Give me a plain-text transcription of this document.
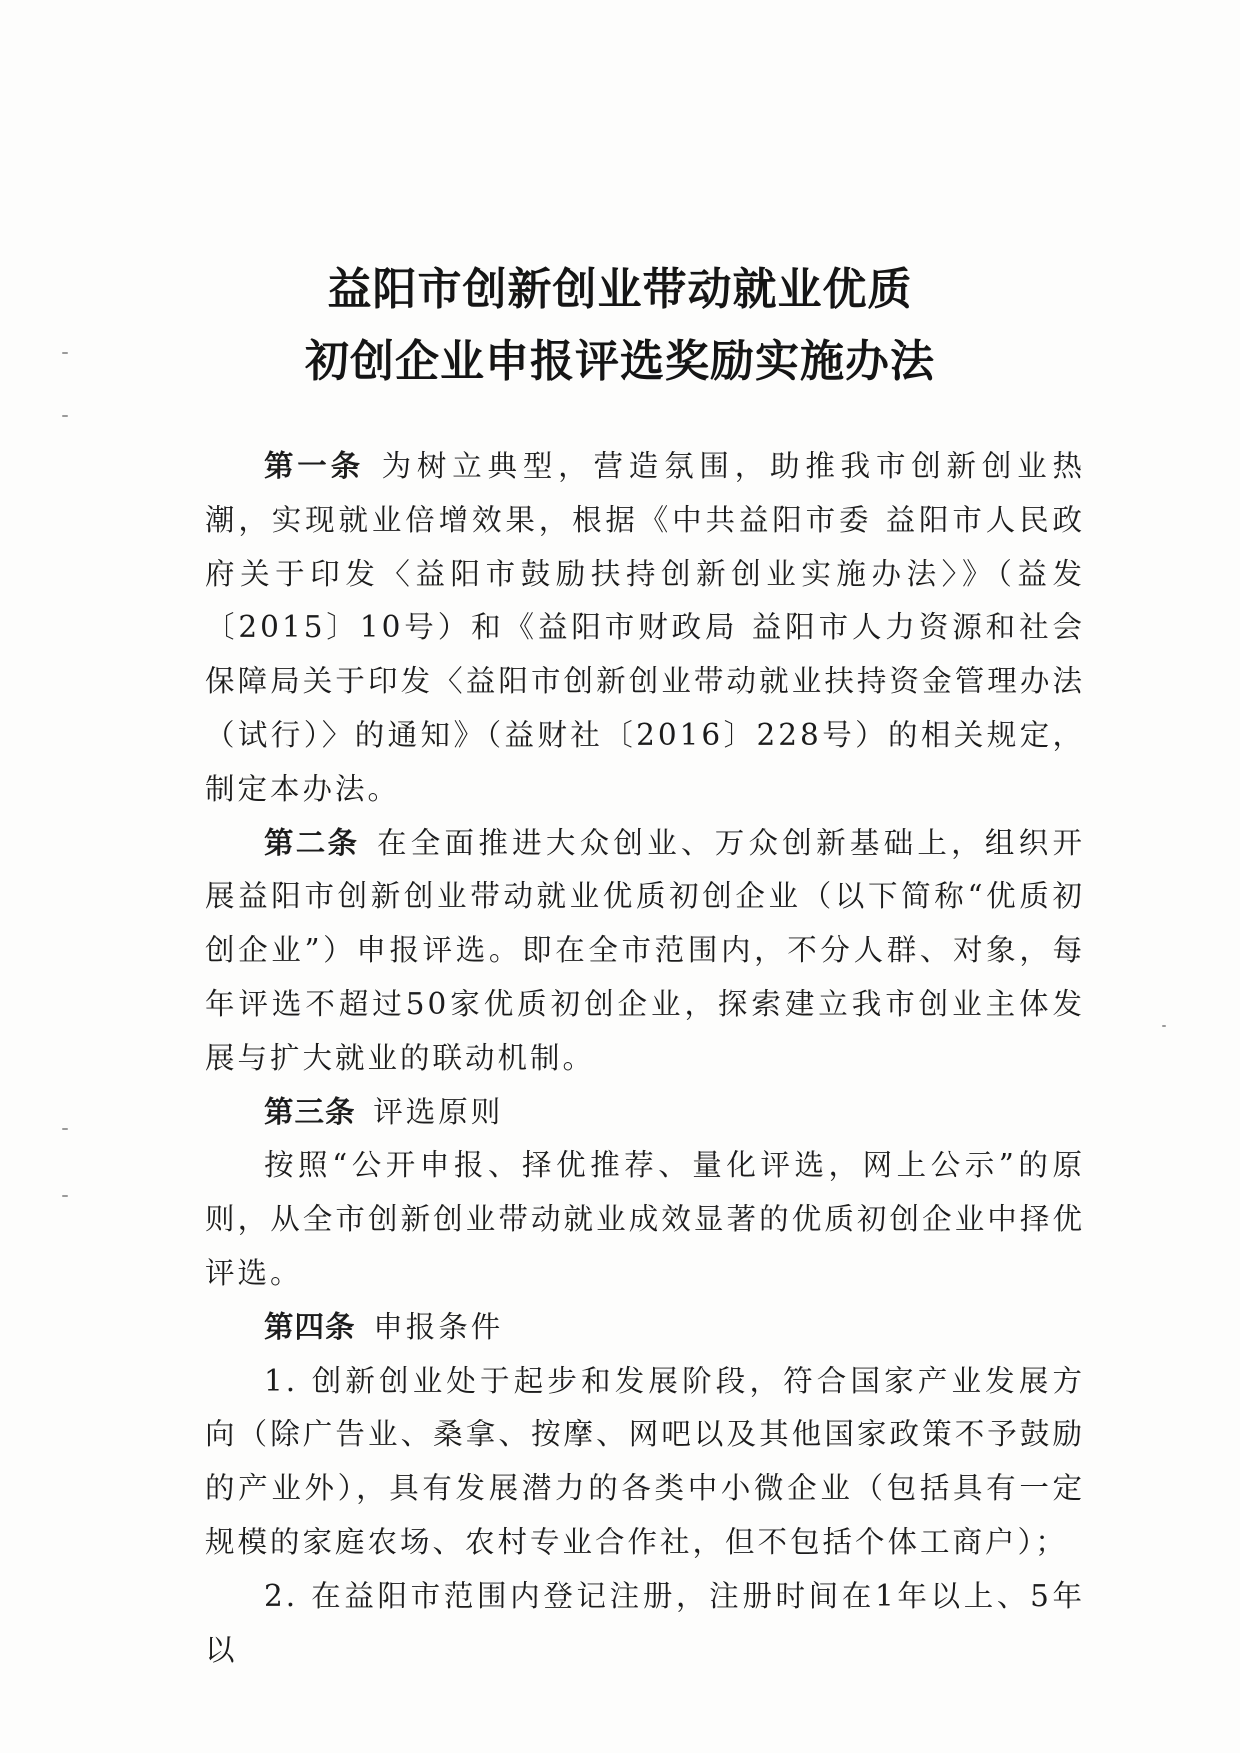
益阳市创新创业带动就业优质
初创企业申报评选奖励实施办法

第一条 为树立典型，营造氛围，助推我市创新创业热潮，实现就业倍增效果，根据《中共益阳市委 益阳市人民政府关于印发〈益阳市鼓励扶持创新创业实施办法〉》（益发〔2015〕10号）和《益阳市财政局 益阳市人力资源和社会保障局关于印发〈益阳市创新创业带动就业扶持资金管理办法（试行）〉的通知》（益财社〔2016〕228号）的相关规定，制定本办法。

第二条 在全面推进大众创业、万众创新基础上，组织开展益阳市创新创业带动就业优质初创企业（以下简称“优质初创企业”）申报评选。即在全市范围内，不分人群、对象，每年评选不超过50家优质初创企业，探索建立我市创业主体发展与扩大就业的联动机制。

第三条 评选原则

按照“公开申报、择优推荐、量化评选，网上公示”的原则，从全市创新创业带动就业成效显著的优质初创企业中择优评选。

第四条 申报条件

1. 创新创业处于起步和发展阶段，符合国家产业发展方向（除广告业、桑拿、按摩、网吧以及其他国家政策不予鼓励的产业外），具有发展潜力的各类中小微企业（包括具有一定规模的家庭农场、农村专业合作社，但不包括个体工商户）；

2. 在益阳市范围内登记注册，注册时间在1年以上、5年以
